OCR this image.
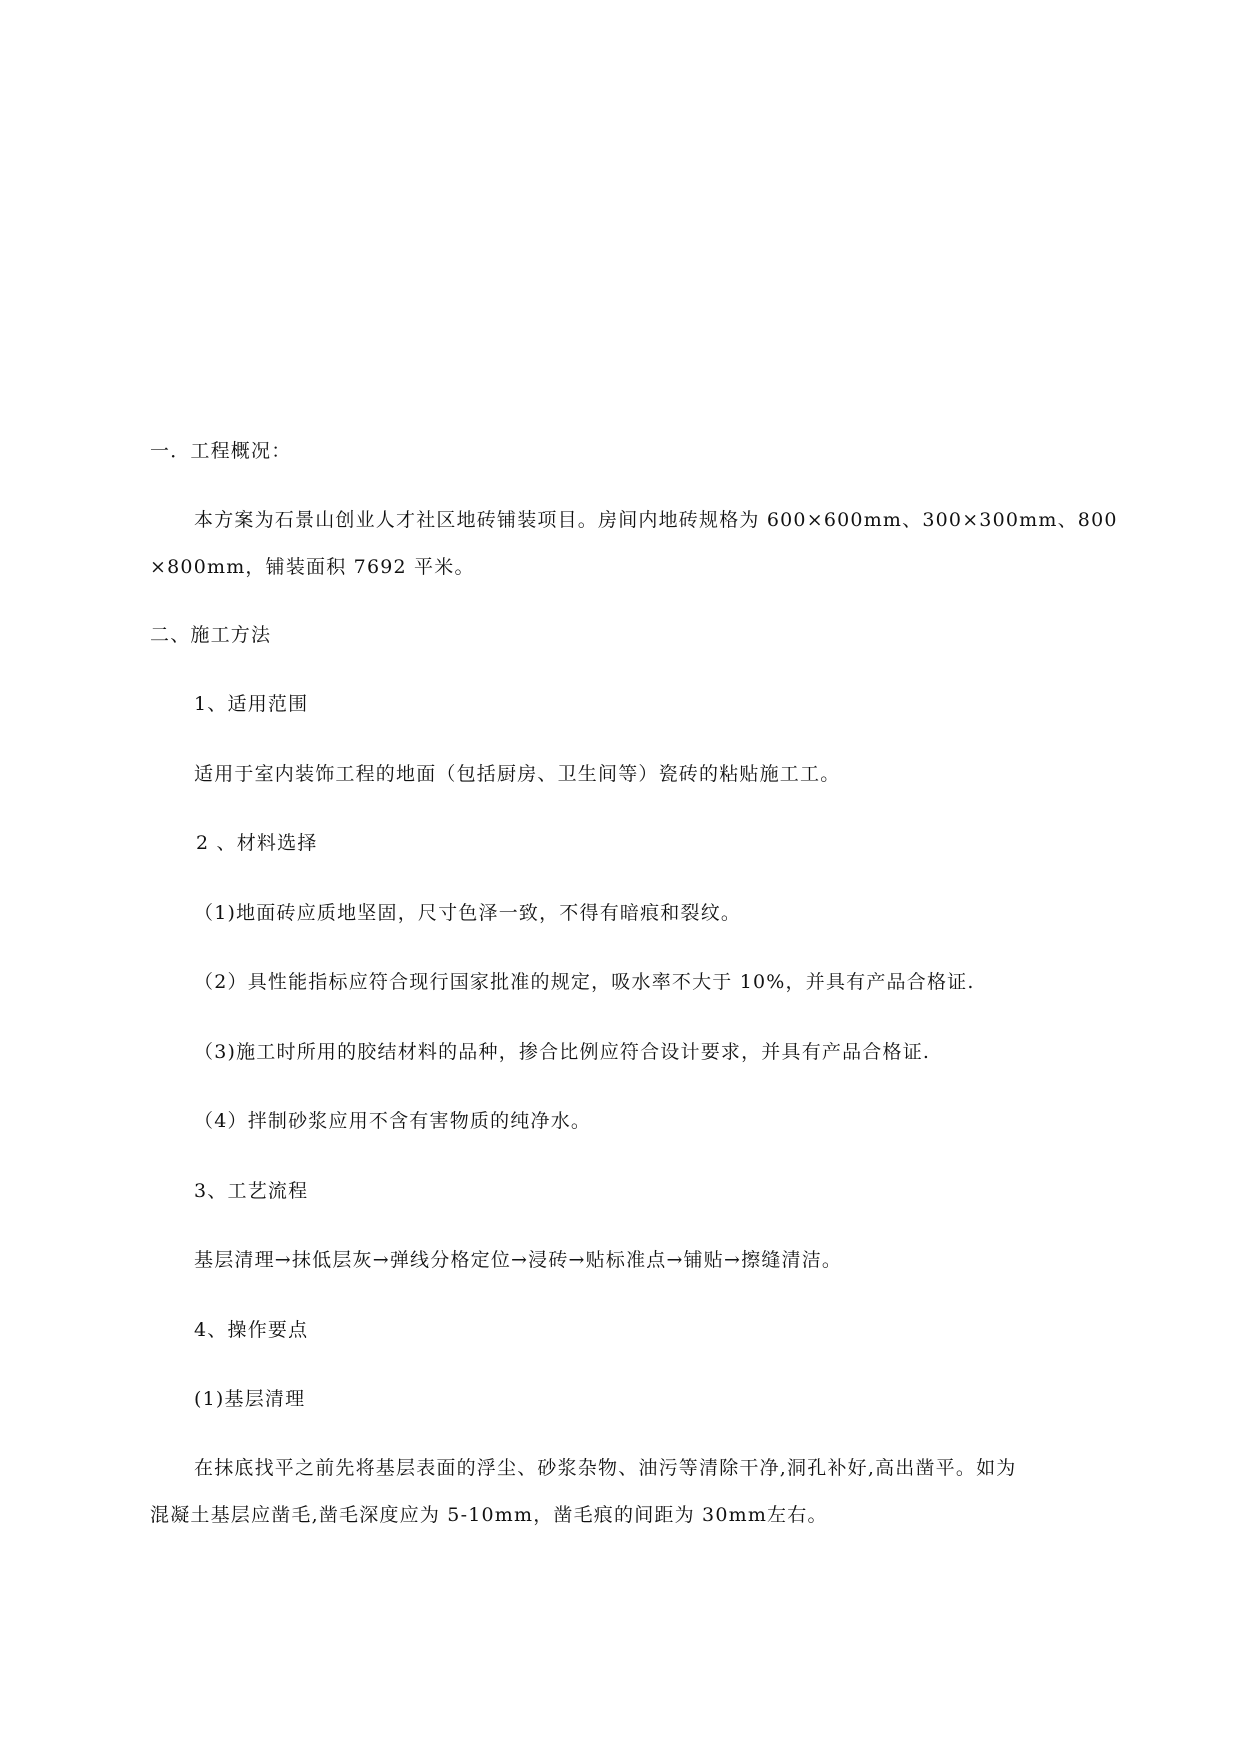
一．工程概况：
本方案为石景山创业人才社区地砖铺装项目。房间内地砖规格为 600×600mm、300×300mm、800
×800mm，铺装面积 7692 平米。
二、施工方法
1、适用范围
适用于室内装饰工程的地面（包括厨房、卫生间等）瓷砖的粘贴施工工。
2 、材料选择
（1)地面砖应质地坚固，尺寸色泽一致，不得有暗痕和裂纹。
（2）具性能指标应符合现行国家批准的规定，吸水率不大于 10%，并具有产品合格证.
（3)施工时所用的胶结材料的品种，掺合比例应符合设计要求，并具有产品合格证.
（4）拌制砂浆应用不含有害物质的纯净水。
3、工艺流程
基层清理→抹低层灰→弹线分格定位→浸砖→贴标准点→铺贴→擦缝清洁。
4、操作要点
(1)基层清理
在抹底找平之前先将基层表面的浮尘、砂浆杂物、油污等清除干净,洞孔补好,高出凿平。如为
混凝土基层应凿毛,凿毛深度应为 5-10mm，凿毛痕的间距为 30mm左右。
